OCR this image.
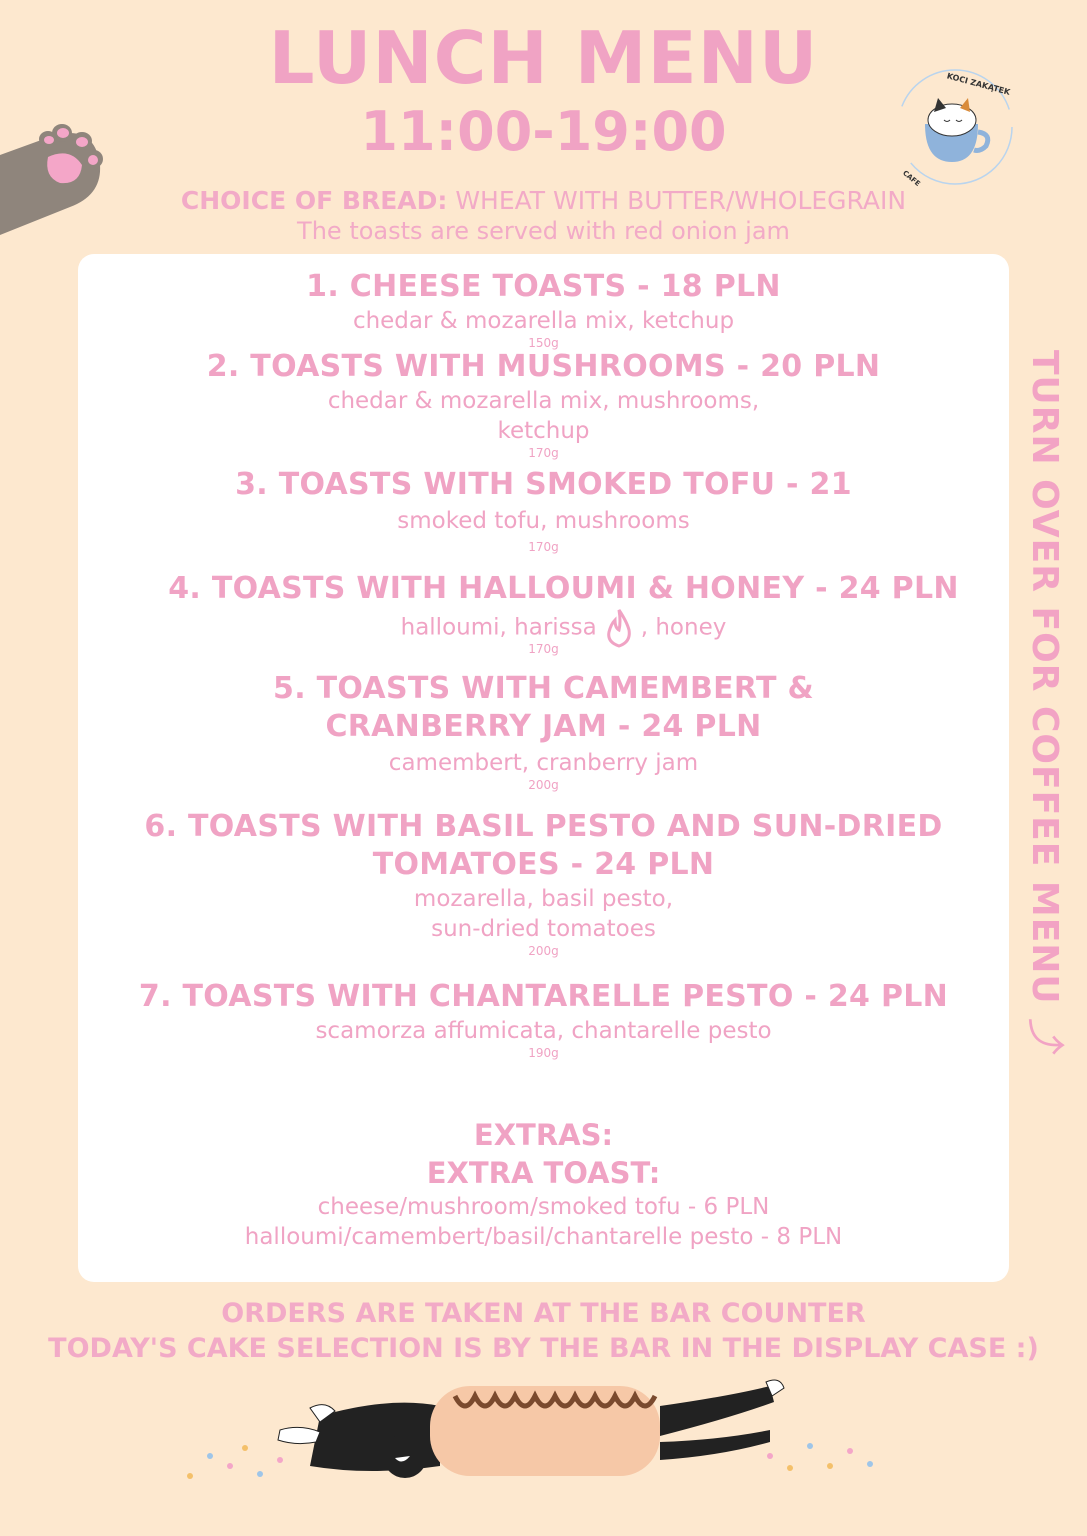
KOCI ZAKĄTEK
CAFE
LUNCH MENU
11:00-19:00
CHOICE OF BREAD: WHEAT WITH BUTTER/WHOLEGRAIN
The toasts are served with red onion jam
1. CHEESE TOASTS - 18 PLN
chedar & mozarella mix, ketchup
150g
2. TOASTS WITH MUSHROOMS - 20 PLN
chedar & mozarella mix, mushrooms,
ketchup
170g
3. TOASTS WITH SMOKED TOFU - 21
smoked tofu, mushrooms
170g
4. TOASTS WITH HALLOUMI & HONEY - 24 PLN
halloumi, harissa , honey
170g
5. TOASTS WITH CAMEMBERT &
CRANBERRY JAM - 24 PLN
camembert, cranberry jam
200g
6. TOASTS WITH BASIL PESTO AND SUN-DRIED
TOMATOES - 24 PLN
mozarella, basil pesto,
sun-dried tomatoes
200g
7. TOASTS WITH CHANTARELLE PESTO - 24 PLN
scamorza affumicata, chantarelle pesto
190g
EXTRAS:
EXTRA TOAST:
cheese/mushroom/smoked tofu - 6 PLN
halloumi/camembert/basil/chantarelle pesto - 8 PLN
TURN OVER FOR COFFEE MENU ⤴
ORDERS ARE TAKEN AT THE BAR COUNTER
TODAY'S CAKE SELECTION IS BY THE BAR IN THE DISPLAY CASE :)
